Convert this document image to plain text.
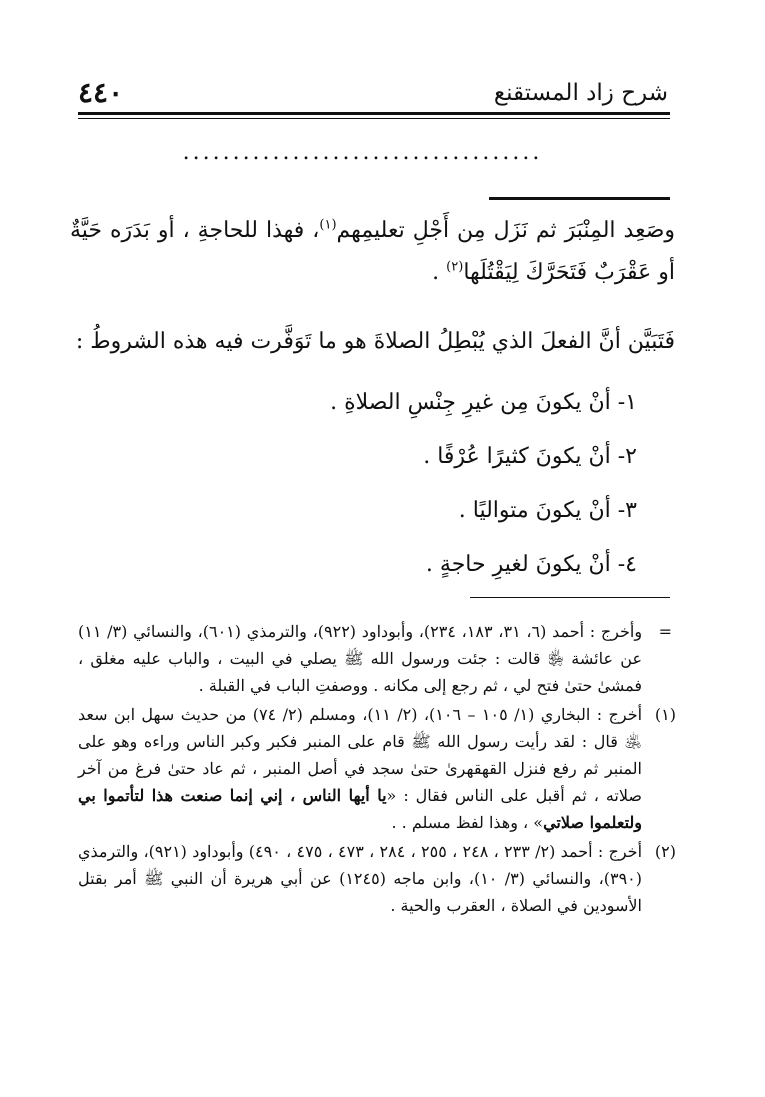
شرح زاد المستقنع
٤٤٠
....................................

وصَعِد المِنْبَرَ ثم نَزَل مِن أَجْلِ تعليمِهم$^{(١)}$، فهذا للحاجةِ ، أو بَدَرَه حَيَّةٌ أو عَقْرَبٌ فَتَحَرَّكَ لِيَقْتُلَها$^{(٢)}$ .

فَتَبَيَّن أنَّ الفعلَ الذي يُبْطِلُ الصلاةَ هو ما تَوَفَّرت فيه هذه الشروطُ :

١- أنْ يكونَ مِن غيرِ جِنْسِ الصلاةِ .
٢- أنْ يكونَ كثيرًا عُرْفًا .
٣- أنْ يكونَ متواليًا .
٤- أنْ يكونَ لغيرِ حاجةٍ .

=
وأخرج : أحمد (٦، ٣١، ١٨٣، ٢٣٤)، وأبوداود (٩٢٢)، والترمذي (٦٠١)، والنسائي (٣/ ١١) عن عائشة ﵂ قالت : جئت ورسول الله ﷺ يصلي في البيت ، والباب عليه مغلق ، فمشىٰ حتىٰ فتح لي ، ثم رجع إلى مكانه . ووصفتِ الباب في القبلة .

(١)
أخرج : البخاري (١/ ١٠٥ – ١٠٦)، (٢/ ١١)، ومسلم (٢/ ٧٤) من حديث سهل ابن سعد ﵁ قال : لقد رأيت رسول الله ﷺ قام على المنبر فكبر وكبر الناس وراءه وهو على المنبر ثم رفع فنزل القهقهرىٰ حتىٰ سجد في أصل المنبر ، ثم عاد حتىٰ فرغ من آخر صلاته ، ثم أقبل على الناس فقال : «يا أيها الناس ، إني إنما صنعت هذا لتأتموا بي ولتعلموا صلاتي» ، وهذا لفظ مسلم . .

(٢)
أخرج : أحمد (٢/ ٢٣٣ ، ٢٤٨ ، ٢٥٥ ، ٢٨٤ ، ٤٧٣ ، ٤٧٥ ، ٤٩٠) وأبوداود (٩٢١)، والترمذي (٣٩٠)، والنسائي (٣/ ١٠)، وابن ماجه (١٢٤٥) عن أبي هريرة أن النبي ﷺ أمر بقتل الأسودين في الصلاة ، العقرب والحية .
